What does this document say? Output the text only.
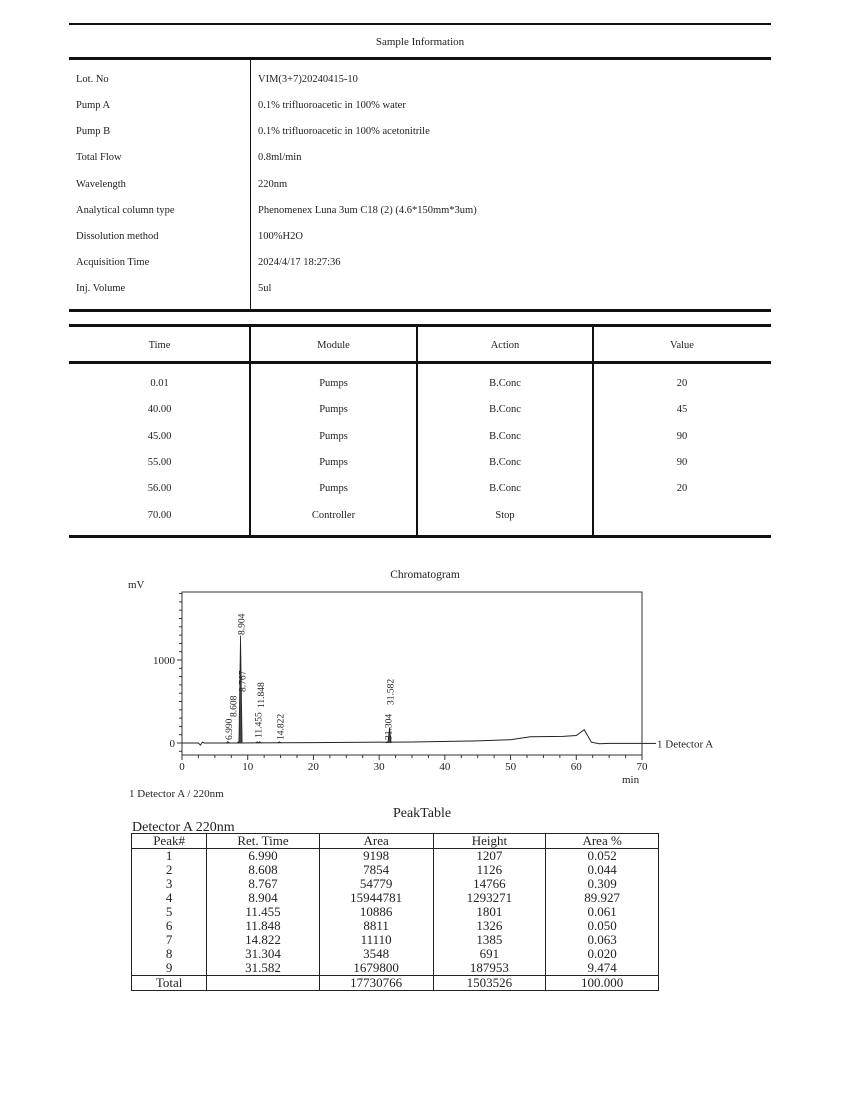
Sample Information
Lot. No	VIM(3+7)20240415-10
Pump A	0.1% trifluoroacetic in 100% water
Pump B	0.1% trifluoroacetic in 100% acetonitrile
Total Flow	0.8ml/min
Wavelength	220nm
Analytical column type	Phenomenex Luna 3um C18 (2) (4.6*150mm*3um)
Dissolution method	100%H2O
Acquisition Time	2024/4/17 18:27:36
Inj. Volume	5ul
Time	Module	Action	Value
0.01	Pumps	B.Conc	20
40.00	Pumps	B.Conc	45
45.00	Pumps	B.Conc	90
55.00	Pumps	B.Conc	90
56.00	Pumps	B.Conc	20
70.00	Controller	Stop
Chromatogram
mV
min
1 Detector A / 220nm
0
1000
0	10	20	30	40	50	60	70
6.990
8.608
8.767
8.904
11.455
11.848
14.822	31.304
31.582
1 Detector A
PeakTable
Detector A 220nm
Peak#	Ret. Time	Area	Height	Area %
1	6.990	9198	1207	0.052
2	8.608	7854	1126	0.044
3	8.767	54779	14766	0.309
4	8.904	15944781	1293271	89.927
5	11.455	10886	1801	0.061
6	11.848	8811	1326	0.050
7	14.822	11110	1385	0.063
8	31.304	3548	691	0.020
9	31.582	1679800	187953	9.474
Total		17730766	1503526	100.000
